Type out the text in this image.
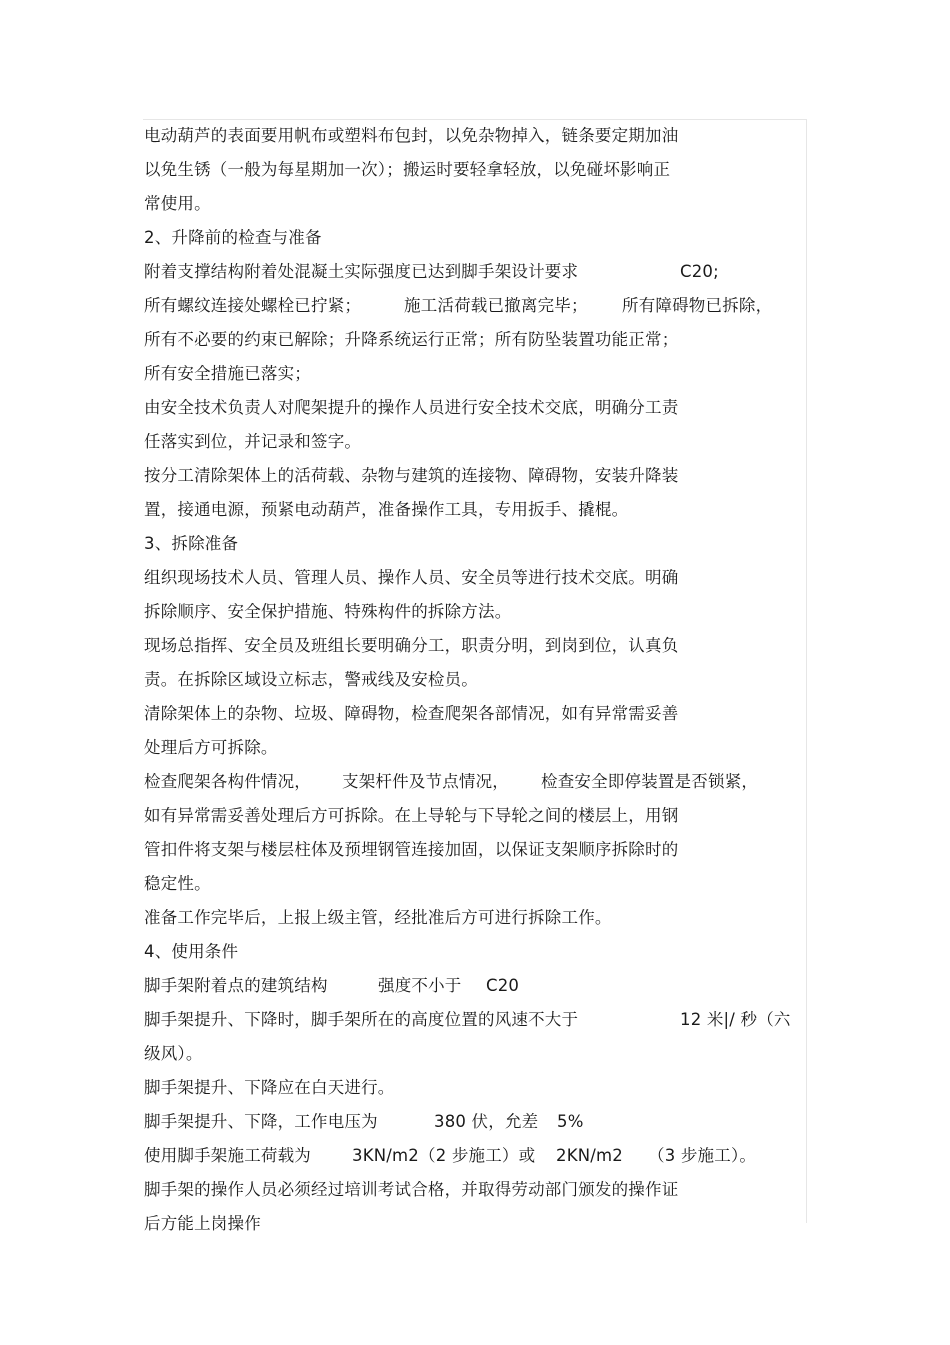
电动葫芦的表面要用帆布或塑料布包封，以免杂物掉入，链条要定期加油
以免生锈（一般为每星期加一次）；搬运时要轻拿轻放，以免碰坏影响正
常使用。
2、升降前的检查与准备
附着支撑结构附着处混凝土实际强度已达到脚手架设计要求	C20;
所有螺纹连接处螺栓已拧紧；	施工活荷载已撤离完毕； 所有障碍物已拆除，
所有不必要的约束已解除；升降系统运行正常；所有防坠装置功能正常；
所有安全措施已落实；
由安全技术负责人对爬架提升的操作人员进行安全技术交底，明确分工责
任落实到位，并记录和签字。
按分工清除架体上的活荷载、杂物与建筑的连接物、障碍物，安装升降装
置，接通电源，预紧电动葫芦，准备操作工具，专用扳手、撬棍。
3、拆除准备
组织现场技术人员、管理人员、操作人员、安全员等进行技术交底。明确
拆除顺序、安全保护措施、特殊构件的拆除方法。
现场总指挥、安全员及班组长要明确分工，职责分明，到岗到位，认真负
责。在拆除区域设立标志，警戒线及安检员。
清除架体上的杂物、垃圾、障碍物，检查爬架各部情况，如有异常需妥善
处理后方可拆除。
检查爬架各构件情况， 支架杆件及节点情况， 检查安全即停装置是否锁紧，
如有异常需妥善处理后方可拆除。在上导轮与下导轮之间的楼层上，用钢
管扣件将支架与楼层柱体及预埋钢管连接加固，以保证支架顺序拆除时的
稳定性。
准备工作完毕后，上报上级主管，经批准后方可进行拆除工作。
4、使用条件
脚手架附着点的建筑结构	强度不小于 C20
脚手架提升、下降时，脚手架所在的高度位置的风速不大于	12 米|/ 秒（六
级风）。
脚手架提升、下降应在白天进行。
脚手架提升、下降，工作电压为	380 伏，允差 5%
使用脚手架施工荷载为 3KN/m2（2 步施工）或 2KN/m2 （3 步施工）。
脚手架的操作人员必须经过培训考试合格，并取得劳动部门颁发的操作证
后方能上岗操作
